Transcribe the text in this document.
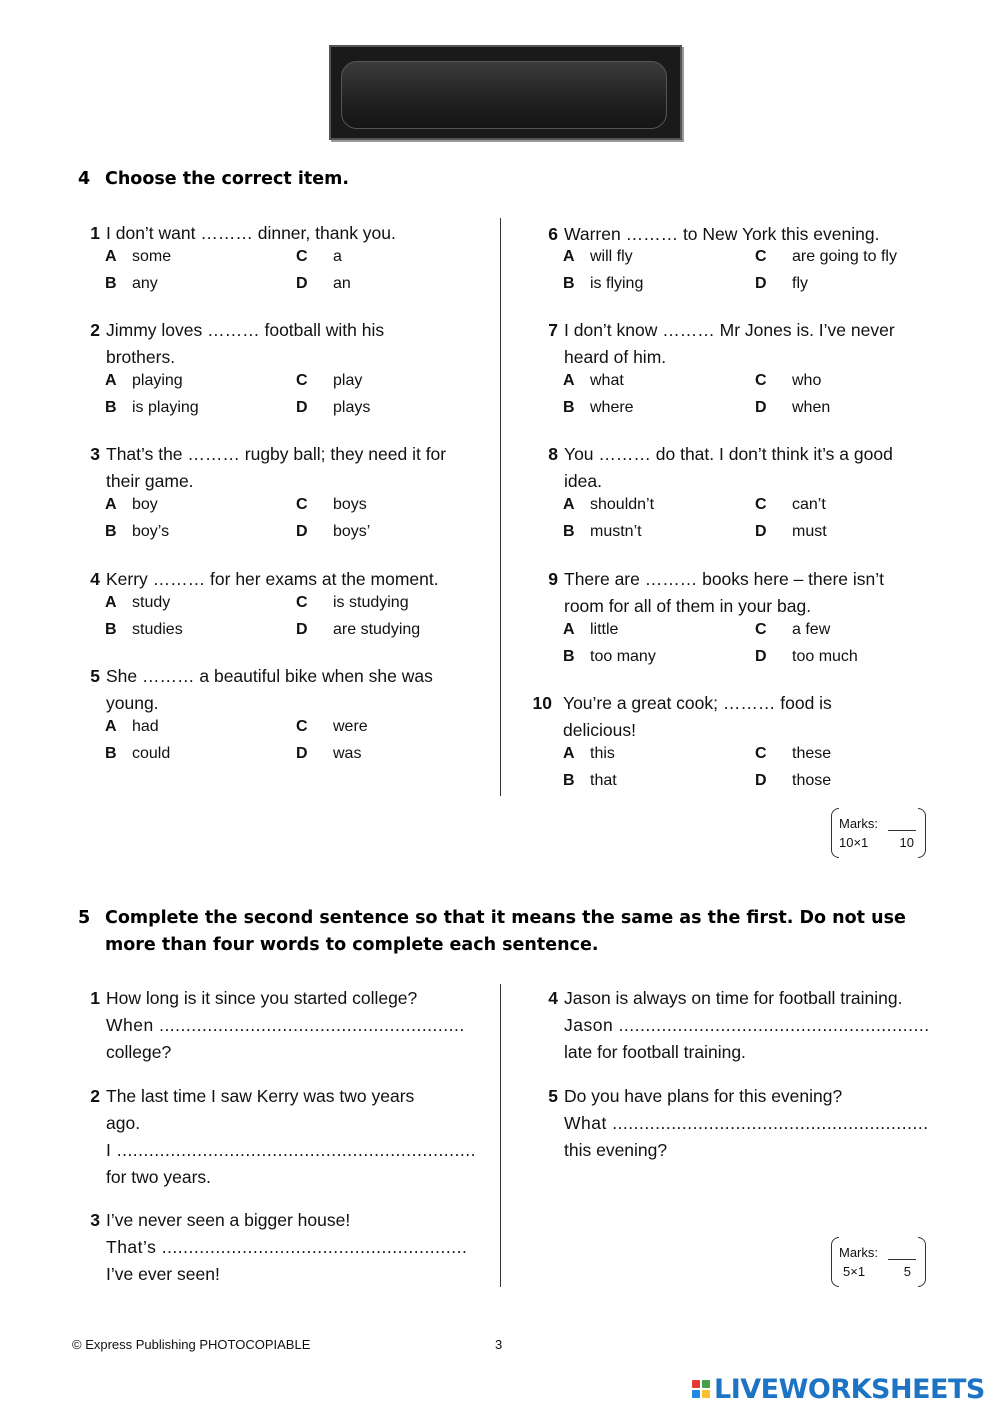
EXIT TEST (Units 1-8)
4 Choose the correct item.
1 I don’t want ……… dinner, thank you.
A some	C a
B any	D an
2 Jimmy loves ……… football with his brothers.
A playing	C play
B is playing	D plays
3 That’s the ……… rugby ball; they need it for their game.
A boy	C boys
B boy’s	D boys’
4 Kerry ……… for her exams at the moment.
A study	C is studying
B studies	D are studying
5 She ……… a beautiful bike when she was young.
A had	C were
B could	D was
6 Warren ……… to New York this evening.
A will fly	C are going to fly
B is flying	D fly
7 I don’t know ……… Mr Jones is. I’ve never heard of him.
A what	C who
B where	D when
8 You ……… do that. I don’t think it’s a good idea.
A shouldn’t	C can’t
B mustn’t	D must
9 There are ……… books here – there isn’t room for all of them in your bag.
A little	C a few
B too many	D too much
10 You’re a great cook; ……… food is delicious!
A this	C these
B that	D those
Marks:
10×1 10
5 Complete the second sentence so that it means the same as the first. Do not use
more than four words to complete each sentence.
1 How long is it since you started college?
When .........................................................
college?
2 The last time I saw Kerry was two years
ago.
I ...................................................................
for two years.
3 I’ve never seen a bigger house!
That’s .........................................................
I’ve ever seen!
4 Jason is always on time for football training.
Jason ..........................................................
late for football training.
5 Do you have plans for this evening?
What ...........................................................
this evening?
Marks:
5×1	5
© Express Publishing PHOTOCOPIABLE	3
LIVEWORKSHEETS
